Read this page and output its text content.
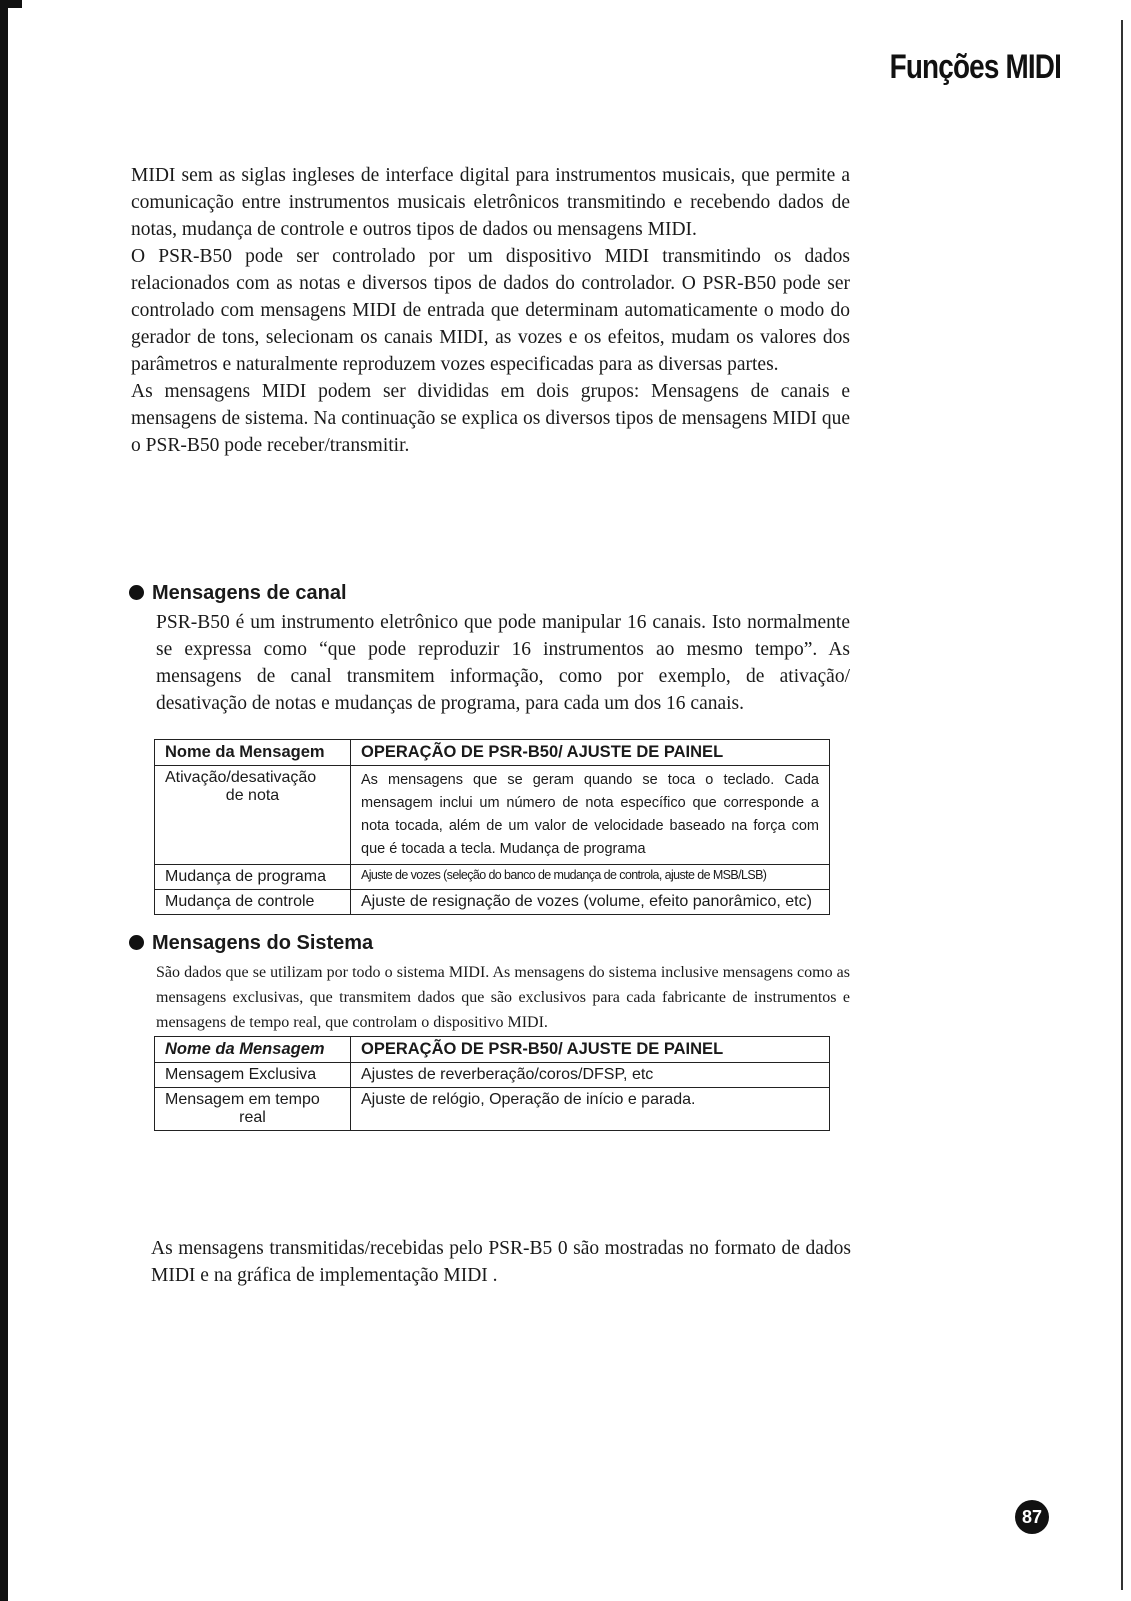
Funções MIDI

MIDI sem as siglas ingleses de interface digital para instrumentos musicais, que permite a comunicação entre instrumentos musicais eletrônicos transmitindo e recebendo dados de notas, mudança de controle e outros tipos de dados ou mensagens MIDI.

O PSR-B50 pode ser controlado por um dispositivo MIDI transmitindo os dados relacionados com as notas e diversos tipos de dados do controlador. O PSR-B50 pode ser controlado com mensagens MIDI de entrada que determinam automaticamente o modo do gerador de tons, selecionam os canais MIDI, as vozes e os efeitos, mudam os valores dos parâmetros e naturalmente reproduzem vozes especificadas para as diversas partes.

As mensagens MIDI podem ser divididas em dois grupos: Mensagens de canais e mensagens de sistema. Na continuação se explica os diversos tipos de mensagens MIDI que o PSR-B50 pode receber/transmitir.

Mensagens de canal

PSR-B50 é um instrumento eletrônico que pode manipular 16 canais. Isto normalmente se expressa como “que pode reproduzir 16 instrumentos ao mesmo tempo”. As mensagens de canal transmitem informação, como por exemplo, de ativação/ desativação de notas e mudanças de programa, para cada um dos 16 canais.

Nome da Mensagem	OPERAÇÃO DE PSR-B50/ AJUSTE DE PAINEL
Ativação/desativação
de nota	As mensagens que se geram quando se toca o teclado. Cada mensagem inclui um número de nota específico que corresponde a nota tocada, além de um valor de velocidade baseado na força com que é tocada a tecla. Mudança de programa
Mudança de programa	Ajuste de vozes (seleção do banco de mudança de controla, ajuste de MSB/LSB)
Mudança de controle	Ajuste de resignação de vozes (volume, efeito panorâmico, etc)
Mensagens do Sistema

São dados que se utilizam por todo o sistema MIDI. As mensagens do sistema inclusive mensagens como as mensagens exclusivas, que transmitem dados que são exclusivos para cada fabricante de instrumentos e mensagens de tempo real, que controlam o dispositivo MIDI.

Nome da Mensagem	OPERAÇÃO DE PSR-B50/ AJUSTE DE PAINEL
Mensagem Exclusiva	Ajustes de reverberação/coros/DFSP, etc
Mensagem em tempo
real	Ajuste de relógio, Operação de início e parada.

As mensagens transmitidas/recebidas pelo PSR-B5 0 são mostradas no formato de dados MIDI e na gráfica de implementação MIDI .

87
